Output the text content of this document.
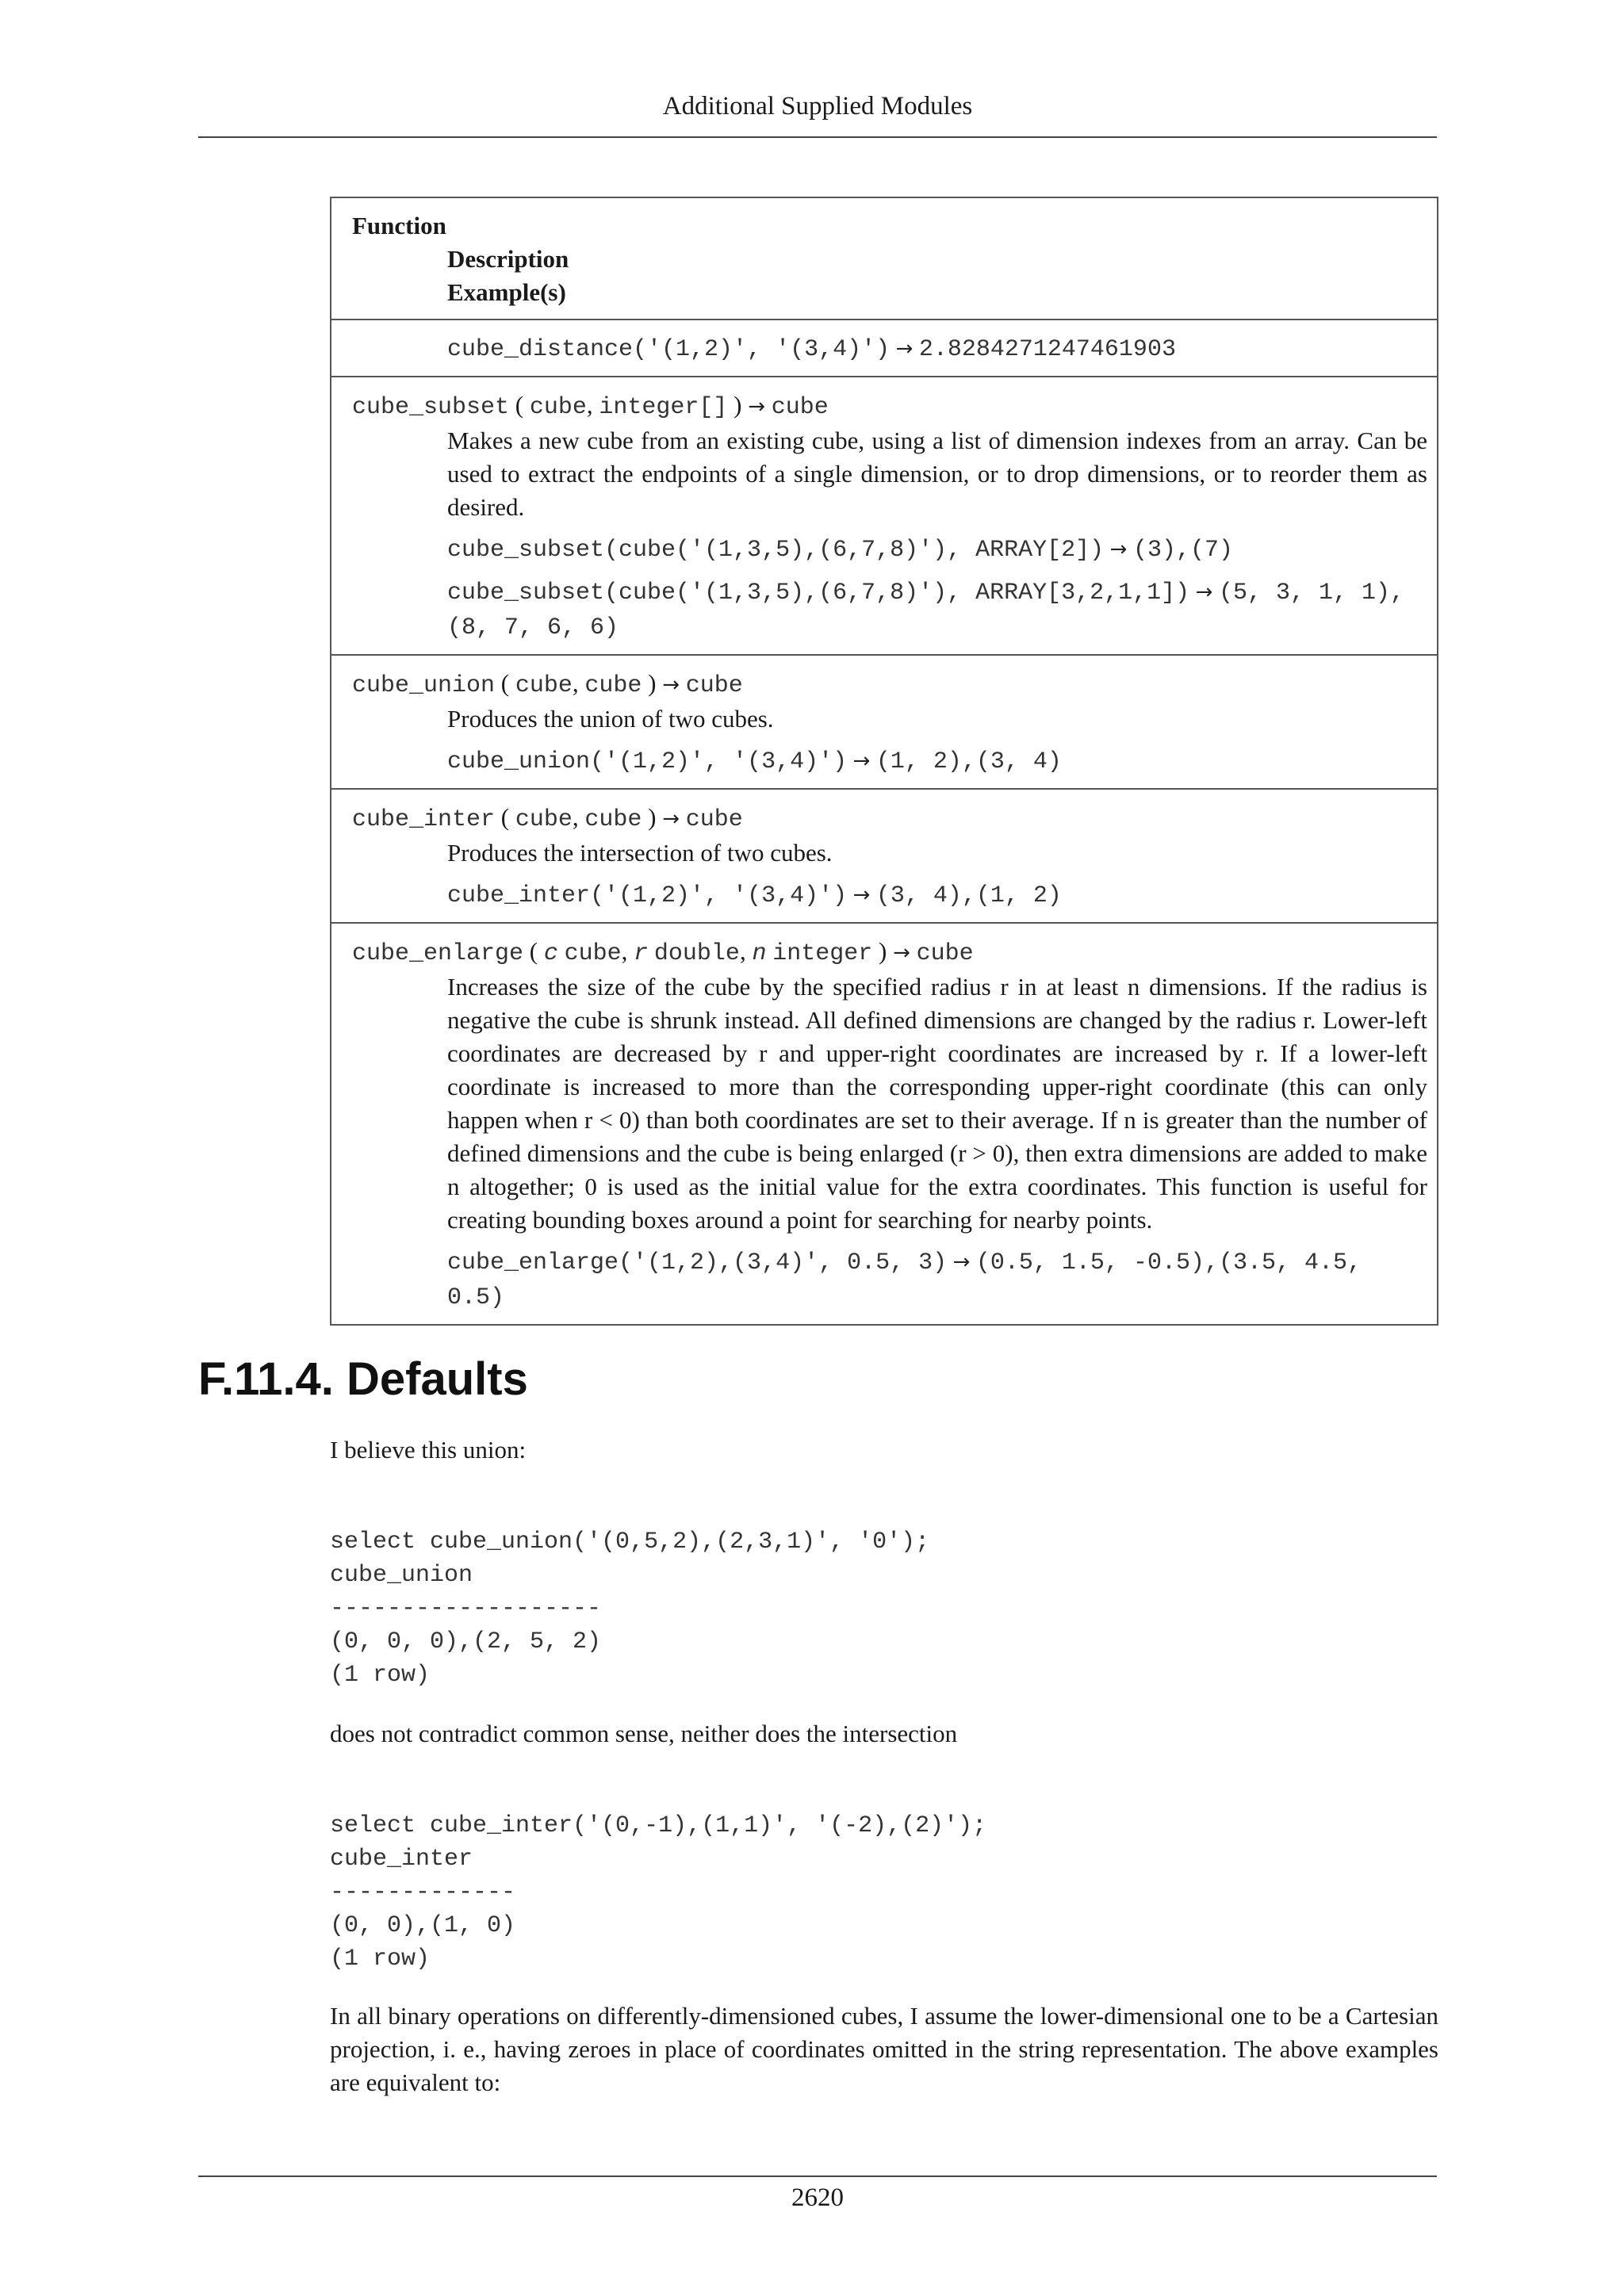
Additional Supplied Modules
Function
Description
Example(s)

cube_distance('(1,2)', '(3,4)') → 2.8284271247461903

cube_subset ( cube, integer[] ) → cube
Makes a new cube from an existing cube, using a list of dimension indexes from an array. Can be used to extract the endpoints of a single dimension, or to drop dimensions, or to reorder them as desired.
cube_subset(cube('(1,3,5),(6,7,8)'), ARRAY[2]) → (3),(7)
cube_subset(cube('(1,3,5),(6,7,8)'), ARRAY[3,2,1,1]) → (5, 3, 1, 1),(8, 7, 6, 6)

cube_union ( cube, cube ) → cube
Produces the union of two cubes.
cube_union('(1,2)', '(3,4)') → (1, 2),(3, 4)

cube_inter ( cube, cube ) → cube
Produces the intersection of two cubes.
cube_inter('(1,2)', '(3,4)') → (3, 4),(1, 2)

cube_enlarge ( c cube, r double, n integer ) → cube
Increases the size of the cube by the specified radius r in at least n dimensions. If the radius is negative the cube is shrunk instead. All defined dimensions are changed by the radius r. Lower-left coordinates are decreased by r and upper-right coordinates are increased by r. If a lower-left coordinate is increased to more than the corresponding upper-right coordinate (this can only happen when r < 0) than both coordinates are set to their average. If n is greater than the number of defined dimensions and the cube is being enlarged (r > 0), then extra dimensions are added to make n altogether; 0 is used as the initial value for the extra coordinates. This function is useful for creating bounding boxes around a point for searching for nearby points.
cube_enlarge('(1,2),(3,4)', 0.5, 3) → (0.5, 1.5, -0.5),(3.5, 4.5, 0.5)
F.11.4. Defaults
I believe this union:
select cube_union('(0,5,2),(2,3,1)', '0');
cube_union
-------------------
(0, 0, 0),(2, 5, 2)
(1 row)
does not contradict common sense, neither does the intersection
select cube_inter('(0,-1),(1,1)', '(-2),(2)');
cube_inter
-------------
(0, 0),(1, 0)
(1 row)
In all binary operations on differently-dimensioned cubes, I assume the lower-dimensional one to be a Cartesian projection, i. e., having zeroes in place of coordinates omitted in the string representation. The above examples are equivalent to:
2620
